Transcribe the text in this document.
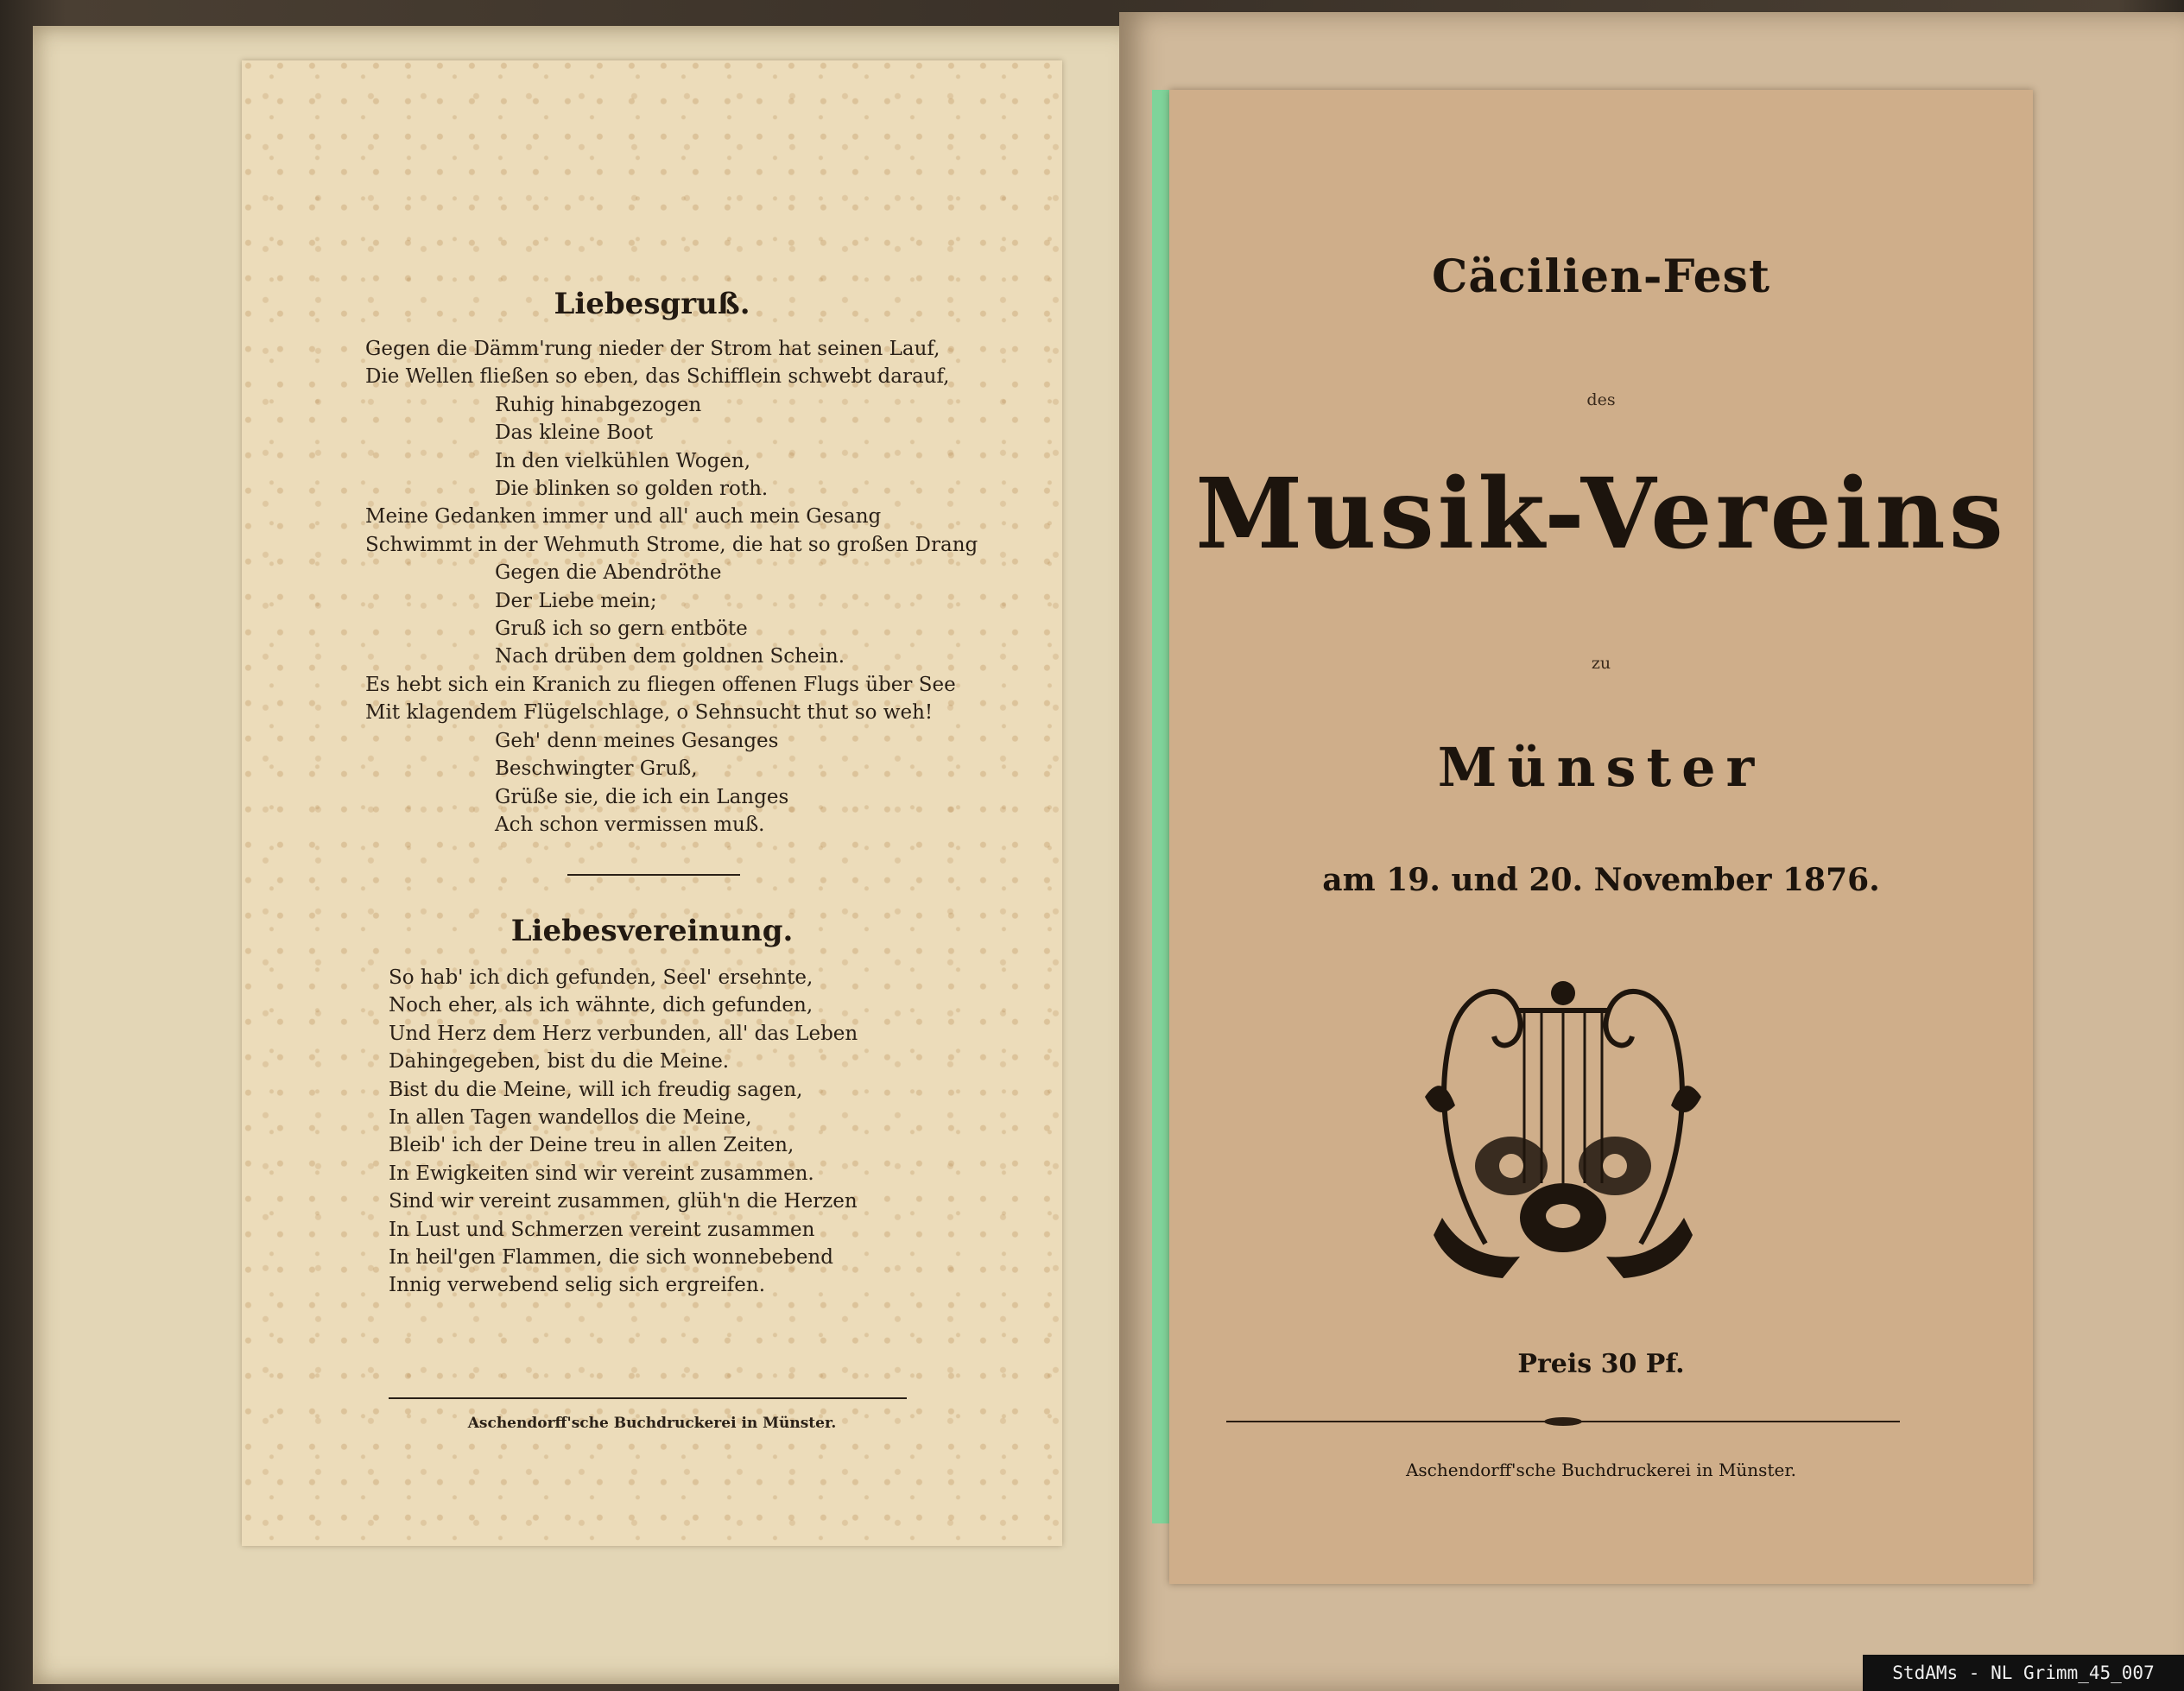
Liebesgruß.
Gegen die Dämm'rung nieder der Strom hat seinen Lauf,
Die Wellen fließen so eben, das Schifflein schwebt darauf,
Ruhig hinabgezogen
Das kleine Boot
In den vielkühlen Wogen,
Die blinken so golden roth.
Meine Gedanken immer und all' auch mein Gesang
Schwimmt in der Wehmuth Strome, die hat so großen Drang
Gegen die Abendröthe
Der Liebe mein;
Gruß ich so gern entböte
Nach drüben dem goldnen Schein.
Es hebt sich ein Kranich zu fliegen offenen Flugs über See
Mit klagendem Flügelschlage, o Sehnsucht thut so weh!
Geh' denn meines Gesanges
Beschwingter Gruß,
Grüße sie, die ich ein Langes
Ach schon vermissen muß.
Liebesvereinung.
So hab' ich dich gefunden, Seel' ersehnte,
Noch eher, als ich wähnte, dich gefunden,
Und Herz dem Herz verbunden, all' das Leben
Dahingegeben, bist du die Meine.
Bist du die Meine, will ich freudig sagen,
In allen Tagen wandellos die Meine,
Bleib' ich der Deine treu in allen Zeiten,
In Ewigkeiten sind wir vereint zusammen.
Sind wir vereint zusammen, glüh'n die Herzen
In Lust und Schmerzen vereint zusammen
In heil'gen Flammen, die sich wonnebebend
Innig verwebend selig sich ergreifen.
Aschendorff'sche Buchdruckerei in Münster.
Cäcilien-Fest
des
Musik-Vereins
zu
Münster
am 19. und 20. November 1876.
Preis 30 Pf.
Aschendorff'sche Buchdruckerei in Münster.
StdAMs - NL Grimm_45_007
